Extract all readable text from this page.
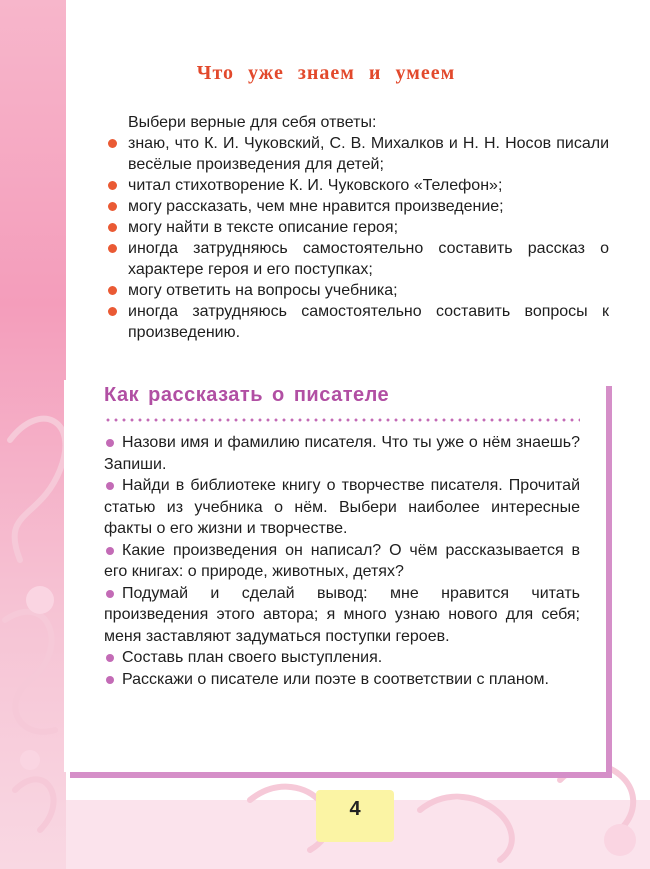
Что уже знаем и умеем
Выбери верные для себя ответы:
знаю, что К. И. Чуковский, С. В. Михалков и Н. Н. Носов писали весёлые произведения для детей;
читал стихотворение К. И. Чуковского «Телефон»;
могу рассказать, чем мне нравится произведение;
могу найти в тексте описание героя;
иногда затрудняюсь самостоятельно составить рассказ о характере героя и его поступках;
могу ответить на вопросы учебника;
иногда затрудняюсь самостоятельно составить вопросы к произведению.
Как рассказать о писателе
Назови имя и фамилию писателя. Что ты уже о нём знаешь? Запиши.
Найди в библиотеке книгу о творчестве писателя. Прочитай статью из учебника о нём. Выбери наиболее интересные факты о его жизни и творчестве.
Какие произведения он написал? О чём рассказывается в его книгах: о природе, животных, детях?
Подумай и сделай вывод: мне нравится читать произведения этого автора; я много узнаю нового для себя; меня заставляют задуматься поступки героев.
Составь план своего выступления.
Расскажи о писателе или поэте в соответствии с планом.
4
